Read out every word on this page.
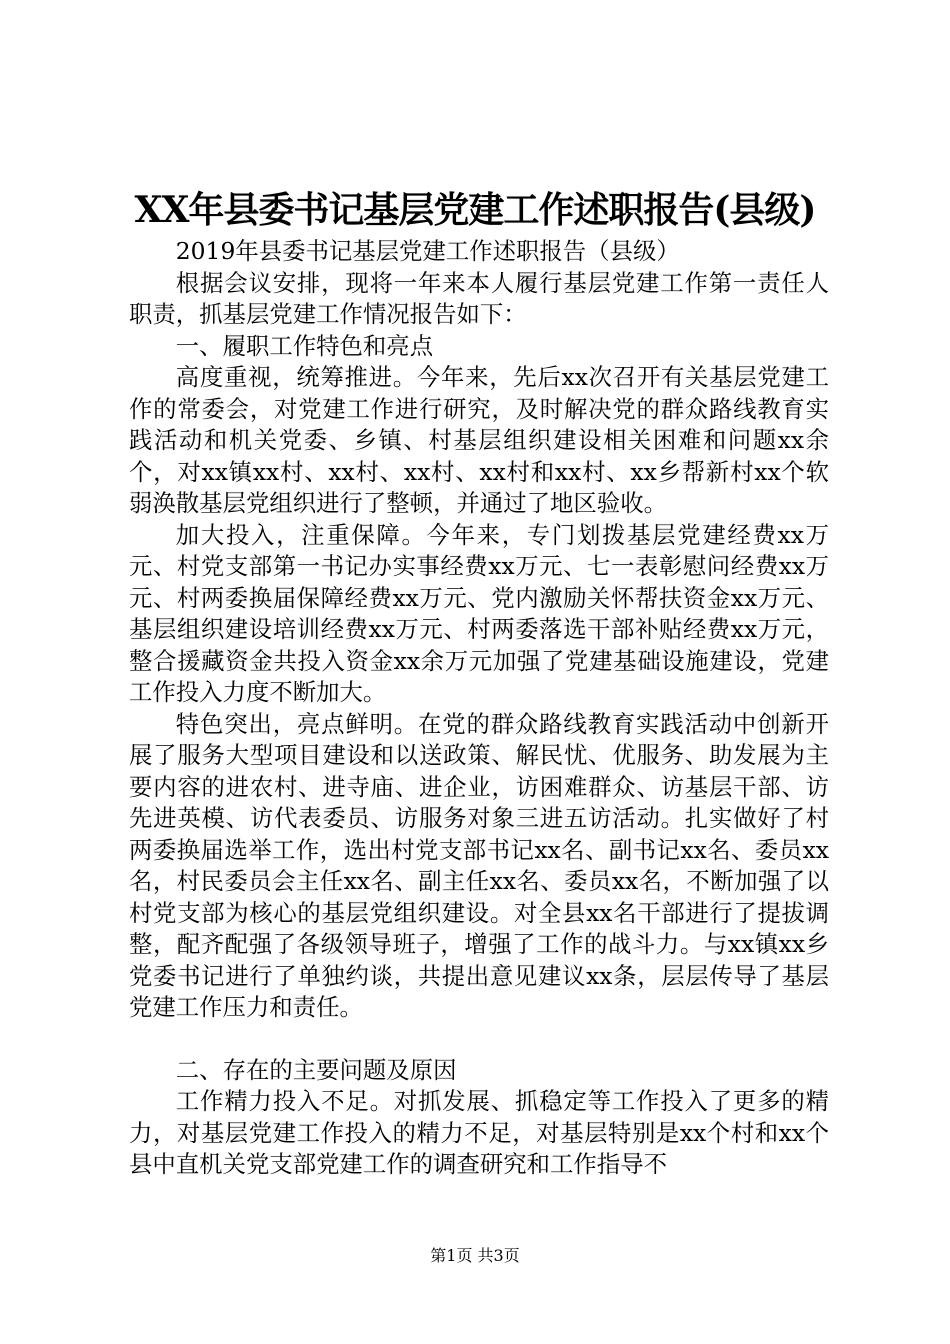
XX年县委书记基层党建工作述职报告(县级)

2019年县委书记基层党建工作述职报告（县级）

根据会议安排，现将一年来本人履行基层党建工作第一责任人职责，抓基层党建工作情况报告如下：

一、履职工作特色和亮点

高度重视，统筹推进。今年来，先后xx次召开有关基层党建工作的常委会，对党建工作进行研究，及时解决党的群众路线教育实践活动和机关党委、乡镇、村基层组织建设相关困难和问题xx余个，对xx镇xx村、xx村、xx村、xx村和xx村、xx乡帮新村xx个软弱涣散基层党组织进行了整顿，并通过了地区验收。

加大投入，注重保障。今年来，专门划拨基层党建经费xx万元、村党支部第一书记办实事经费xx万元、七一表彰慰问经费xx万元、村两委换届保障经费xx万元、党内激励关怀帮扶资金xx万元、基层组织建设培训经费xx万元、村两委落选干部补贴经费xx万元，整合援藏资金共投入资金xx余万元加强了党建基础设施建设，党建工作投入力度不断加大。

特色突出，亮点鲜明。在党的群众路线教育实践活动中创新开展了服务大型项目建设和以送政策、解民忧、优服务、助发展为主要内容的进农村、进寺庙、进企业，访困难群众、访基层干部、访先进英模、访代表委员、访服务对象三进五访活动。扎实做好了村两委换届选举工作，选出村党支部书记xx名、副书记xx名、委员xx名，村民委员会主任xx名、副主任xx名、委员xx名，不断加强了以村党支部为核心的基层党组织建设。对全县xx名干部进行了提拔调整，配齐配强了各级领导班子，增强了工作的战斗力。与xx镇xx乡党委书记进行了单独约谈，共提出意见建议xx条，层层传导了基层党建工作压力和责任。

二、存在的主要问题及原因

工作精力投入不足。对抓发展、抓稳定等工作投入了更多的精力，对基层党建工作投入的精力不足，对基层特别是xx个村和xx个县中直机关党支部党建工作的调查研究和工作指导不

第1页 共3页
